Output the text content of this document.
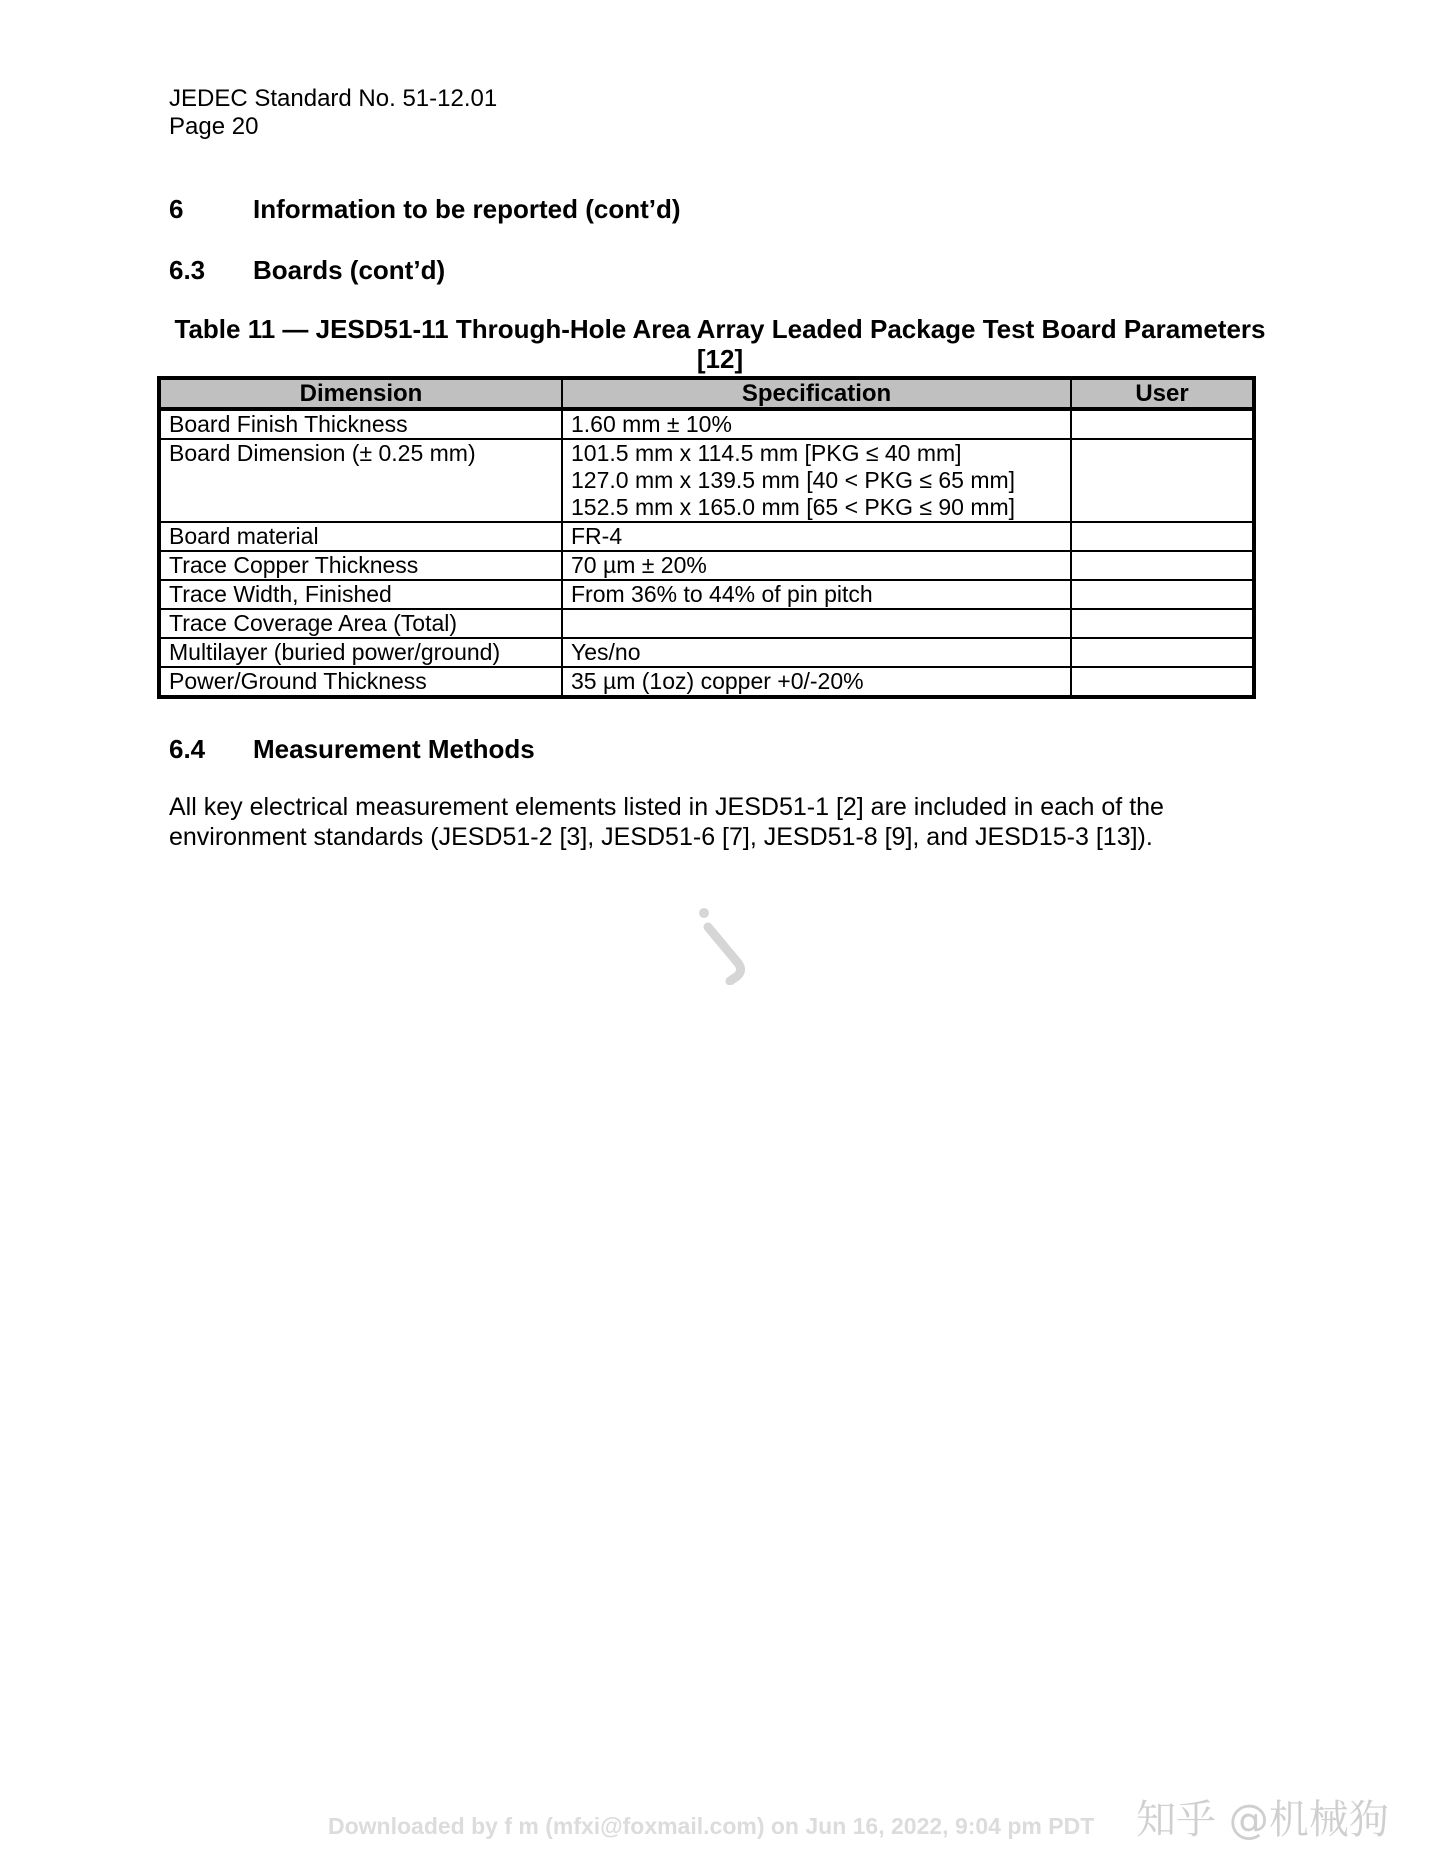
JEDEC Standard No. 51-12.01
Page 20
6	Information to be reported (cont’d)
6.3 Boards (cont’d)
Table 11 — JESD51-11 Through-Hole Area Array Leaded Package Test Board Parameters
[12]
Dimension	Specification	User
Board Finish Thickness	1.60 mm ± 10%	
Board Dimension (± 0.25 mm)	101.5 mm x 114.5 mm [PKG ≤ 40 mm]
127.0 mm x 139.5 mm [40 < PKG ≤ 65 mm]
152.5 mm x 165.0 mm [65 < PKG ≤ 90 mm]	

Board material	FR-4	
Trace Copper Thickness	70 µm ± 20%	
Trace Width, Finished	From 36% to 44% of pin pitch	
Trace Coverage Area (Total)		
Multilayer (buried power/ground)	Yes/no	
Power/Ground Thickness	35 µm (1oz) copper +0/-20%	
6.4 Measurement Methods
All key electrical measurement elements listed in JESD51-1 [2] are included in each of the environment standards (JESD51-2 [3], JESD51-6 [7], JESD51-8 [9], and JESD15-3 [13]).
Downloaded by f m (mfxi@foxmail.com) on Jun 16, 2022, 9:04 pm PDT 知乎 @机械狗
